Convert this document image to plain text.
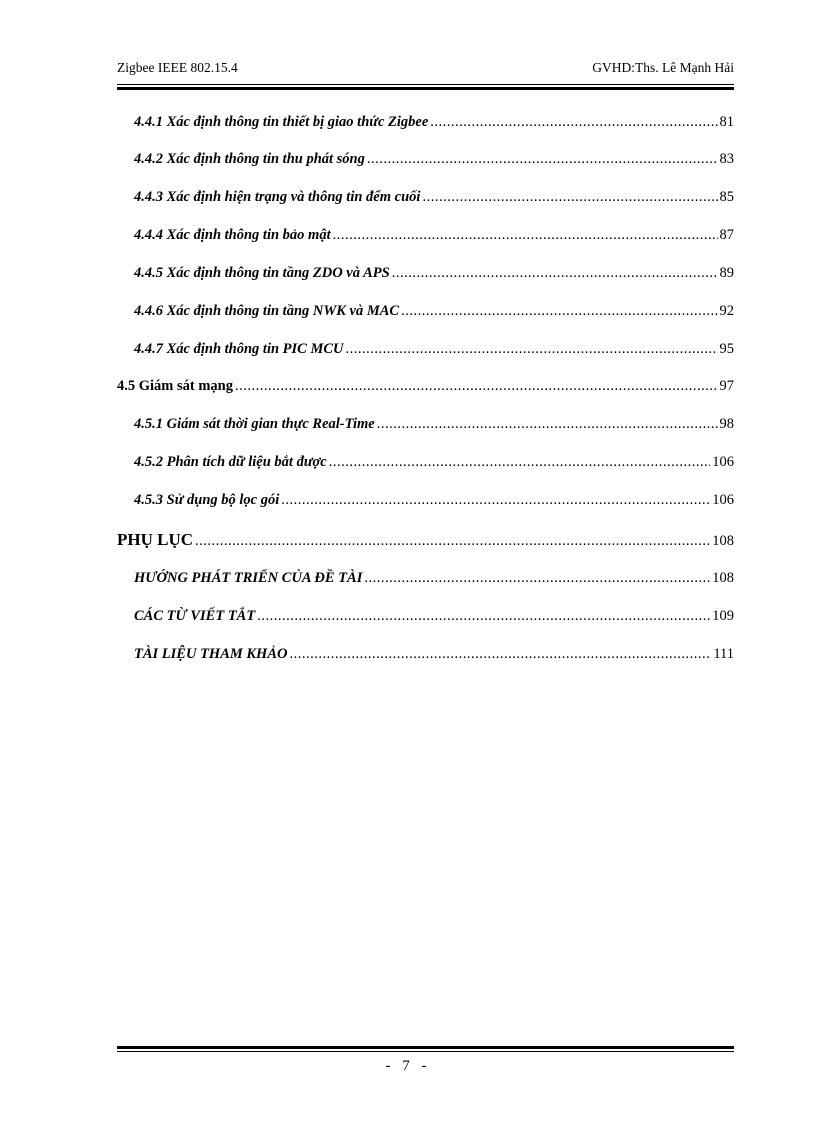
Zigbee IEEE 802.15.4	GVHD:Ths. Lê Mạnh Hải
4.4.1 Xác định thông tin thiết bị giao thức Zigbee .....	81
4.4.2 Xác định thông tin thu phát sóng .....	83
4.4.3 Xác định hiện trạng và thông tin đểm cuối .....	85
4.4.4 Xác định thông tin bảo mật .....	87
4.4.5 Xác định thông tin tầng ZDO và APS .....	89
4.4.6 Xác định thông tin tầng NWK và MAC .....	92
4.4.7 Xác định thông tin PIC MCU .....	95
4.5 Giám sát mạng .....	97
4.5.1 Giám sát thời gian thực Real-Time .....	98
4.5.2 Phân tích dữ liệu bắt được .....	106
4.5.3 Sử dụng bộ lọc gói .....	106
PHỤ LỤC .....	108
HƯỚNG PHÁT TRIỂN CỦA ĐỀ TÀI .....	108
CÁC TỪ VIẾT TẮT .....	109
TÀI LIỆU THAM KHẢO .....	111
- 7 -
